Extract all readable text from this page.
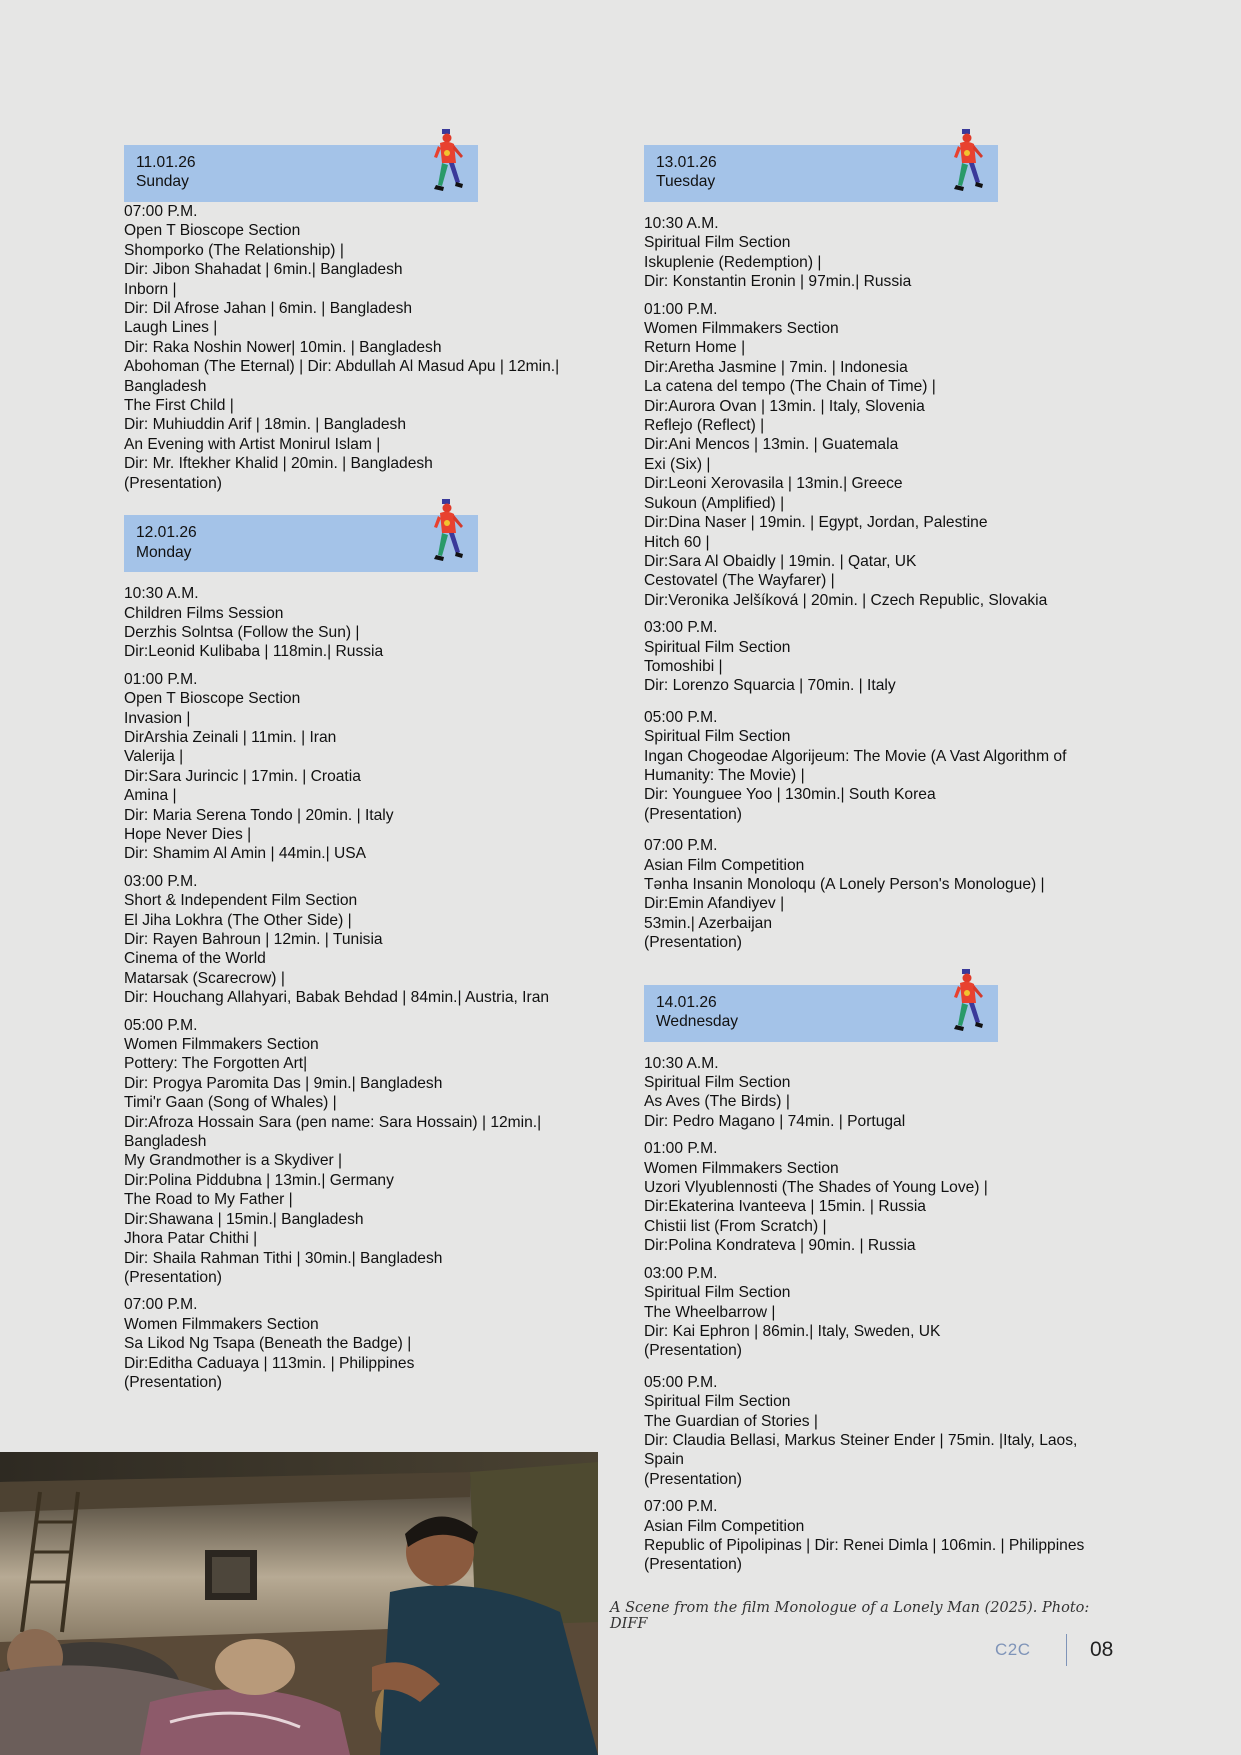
11.01.26
Sunday

07:00 P.M.

Open T Bioscope Section

Shomporko (The Relationship) |

Dir: Jibon Shahadat | 6min.| Bangladesh

Inborn |

Dir: Dil Afrose Jahan | 6min. | Bangladesh

Laugh Lines |

Dir: Raka Noshin Nower| 10min. | Bangladesh

Abohoman (The Eternal) | Dir: Abdullah Al Masud Apu | 12min.|

Bangladesh

The First Child |

Dir: Muhiuddin Arif | 18min. | Bangladesh

An Evening with Artist Monirul Islam |

Dir: Mr. Iftekher Khalid | 20min. | Bangladesh

(Presentation)

12.01.26
Monday

10:30 A.M.

Children Films Session

Derzhis Solntsa (Follow the Sun) |

Dir:Leonid Kulibaba | 118min.| Russia

01:00 P.M.

Open T Bioscope Section

Invasion |

DirArshia Zeinali | 11min. | Iran

Valerija |

Dir:Sara Jurincic | 17min. | Croatia

Amina |

Dir: Maria Serena Tondo | 20min. | Italy

Hope Never Dies |

Dir: Shamim Al Amin | 44min.| USA

03:00 P.M.

Short & Independent Film Section

El Jiha Lokhra (The Other Side) |

Dir: Rayen Bahroun | 12min. | Tunisia

Cinema of the World

Matarsak (Scarecrow) |

Dir: Houchang Allahyari, Babak Behdad | 84min.| Austria, Iran

05:00 P.M.

Women Filmmakers Section

Pottery: The Forgotten Art|

Dir: Progya Paromita Das | 9min.| Bangladesh

Timi'r Gaan (Song of Whales) |

Dir:Afroza Hossain Sara (pen name: Sara Hossain) | 12min.|

Bangladesh

My Grandmother is a Skydiver |

Dir:Polina Piddubna | 13min.| Germany

The Road to My Father |

Dir:Shawana | 15min.| Bangladesh

Jhora Patar Chithi |

Dir: Shaila Rahman Tithi | 30min.| Bangladesh

(Presentation)

07:00 P.M.

Women Filmmakers Section

Sa Likod Ng Tsapa (Beneath the Badge) |

Dir:Editha Caduaya | 113min. | Philippines

(Presentation)

13.01.26
Tuesday

10:30 A.M.

Spiritual Film Section

Iskuplenie (Redemption) |

Dir: Konstantin Eronin | 97min.| Russia

01:00 P.M.

Women Filmmakers Section

Return Home |

Dir:Aretha Jasmine | 7min. | Indonesia

La catena del tempo (The Chain of Time) |

Dir:Aurora Ovan | 13min. | Italy, Slovenia

Reflejo (Reflect) |

Dir:Ani Mencos | 13min. | Guatemala

Exi (Six) |

Dir:Leoni Xerovasila | 13min.| Greece

Sukoun (Amplified) |

Dir:Dina Naser | 19min. | Egypt, Jordan, Palestine

Hitch 60 |

Dir:Sara Al Obaidly | 19min. | Qatar, UK

Cestovatel (The Wayfarer) |

Dir:Veronika Jelšíková | 20min. | Czech Republic, Slovakia

03:00 P.M.

Spiritual Film Section

Tomoshibi |

Dir: Lorenzo Squarcia | 70min. | Italy

05:00 P.M.

Spiritual Film Section

Ingan Chogeodae Algorijeum: The Movie (A Vast Algorithm of

Humanity: The Movie) |

Dir: Younguee Yoo | 130min.| South Korea

(Presentation)

07:00 P.M.

Asian Film Competition

Tənha Insanin Monoloqu (A Lonely Person's Monologue) |

Dir:Emin Afandiyev |

53min.| Azerbaijan

(Presentation)

14.01.26
Wednesday

10:30 A.M.

Spiritual Film Section

As Aves (The Birds) |

Dir: Pedro Magano | 74min. | Portugal

01:00 P.M.

Women Filmmakers Section

Uzori Vlyublennosti (The Shades of Young Love) |

Dir:Ekaterina Ivanteeva | 15min. | Russia

Chistii list (From Scratch) |

Dir:Polina Kondrateva | 90min. | Russia

03:00 P.M.

Spiritual Film Section

The Wheelbarrow |

Dir: Kai Ephron | 86min.| Italy, Sweden, UK

(Presentation)

05:00 P.M.

Spiritual Film Section

The Guardian of Stories |

Dir: Claudia Bellasi, Markus Steiner Ender | 75min. |Italy, Laos,

Spain

(Presentation)

07:00 P.M.

Asian Film Competition

Republic of Pipolipinas | Dir: Renei Dimla | 106min. | Philippines

(Presentation)

A Scene from the film Monologue of a Lonely Man (2025). Photo: DIFF
C2C	08
